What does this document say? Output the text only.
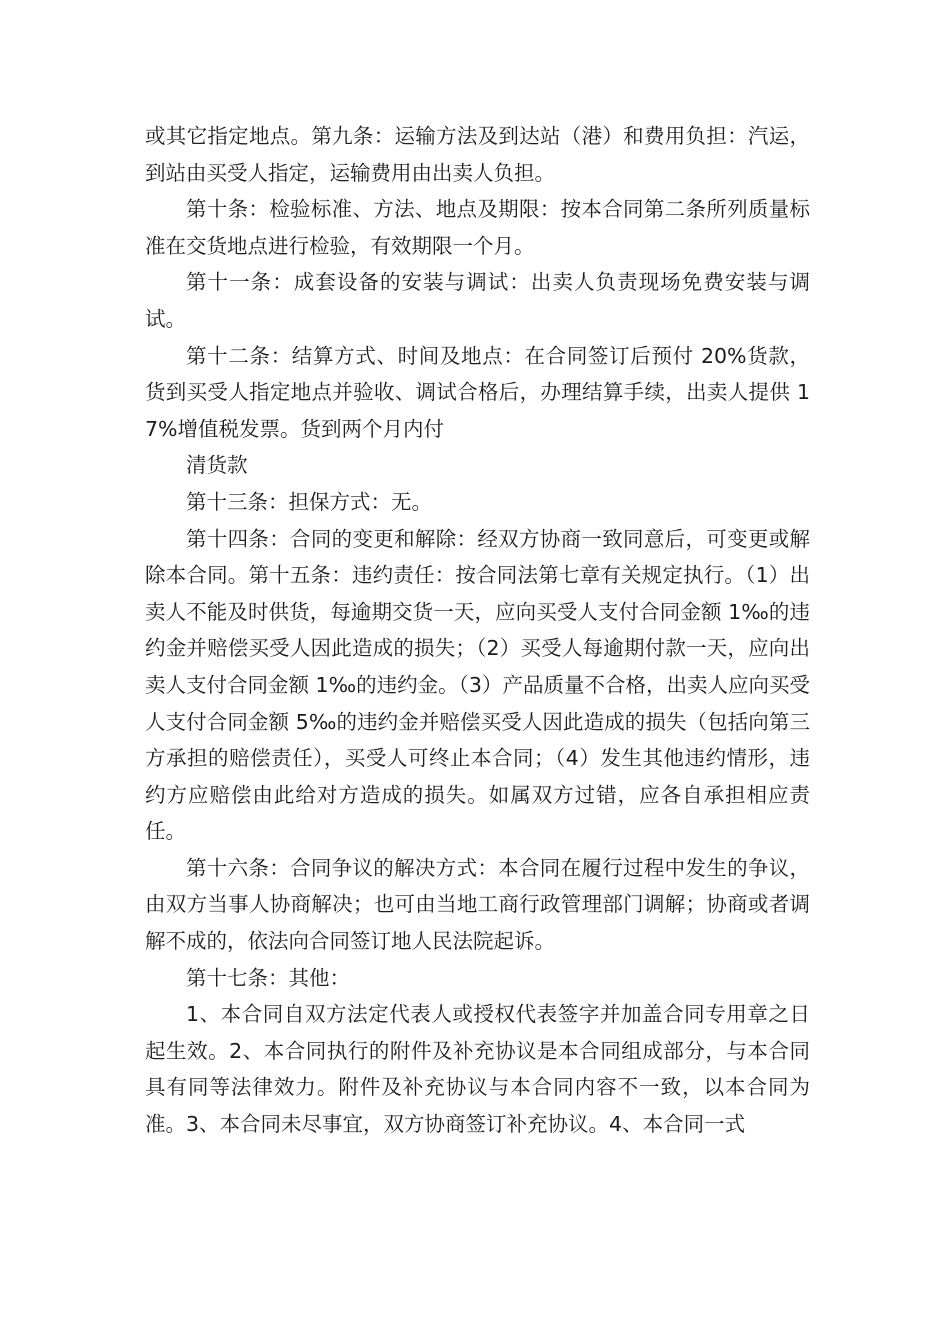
或其它指定地点。第九条：运输方法及到达站（港）和费用负担：汽运，到站由买受人指定，运输费用由出卖人负担。

第十条：检验标准、方法、地点及期限：按本合同第二条所列质量标准在交货地点进行检验，有效期限一个月。

第十一条：成套设备的安装与调试：出卖人负责现场免费安装与调试。

第十二条：结算方式、时间及地点：在合同签订后预付 20%货款，货到买受人指定地点并验收、调试合格后，办理结算手续，出卖人提供 17%增值税发票。货到两个月内付

清货款

第十三条：担保方式：无。

第十四条：合同的变更和解除：经双方协商一致同意后，可变更或解除本合同。第十五条：违约责任：按合同法第七章有关规定执行。（1）出卖人不能及时供货，每逾期交货一天，应向买受人支付合同金额 1‰的违约金并赔偿买受人因此造成的损失；（2）买受人每逾期付款一天，应向出卖人支付合同金额 1‰的违约金。（3）产品质量不合格，出卖人应向买受人支付合同金额 5‰的违约金并赔偿买受人因此造成的损失（包括向第三方承担的赔偿责任），买受人可终止本合同；（4）发生其他违约情形，违约方应赔偿由此给对方造成的损失。如属双方过错，应各自承担相应责任。

第十六条：合同争议的解决方式：本合同在履行过程中发生的争议，由双方当事人协商解决；也可由当地工商行政管理部门调解；协商或者调解不成的，依法向合同签订地人民法院起诉。

第十七条：其他：

1、本合同自双方法定代表人或授权代表签字并加盖合同专用章之日起生效。2、本合同执行的附件及补充协议是本合同组成部分，与本合同具有同等法律效力。附件及补充协议与本合同内容不一致，以本合同为准。3、本合同未尽事宜，双方协商签订补充协议。4、本合同一式
